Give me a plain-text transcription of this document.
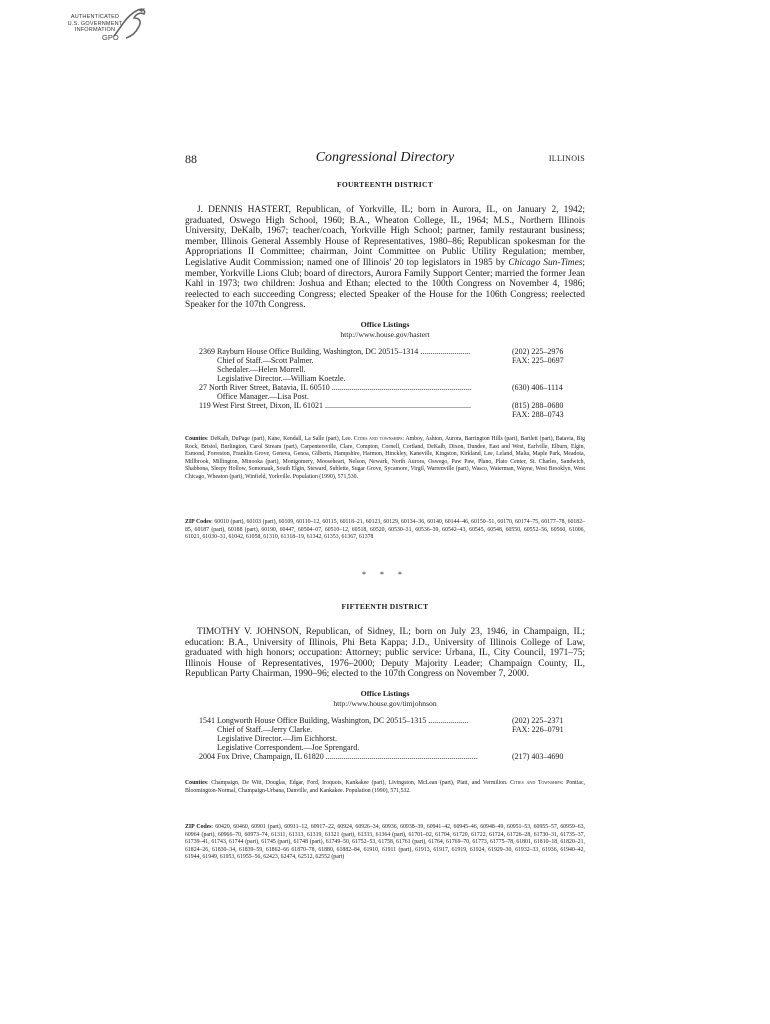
AUTHENTICATED
U.S. GOVERNMENT
INFORMATION
GPO
88	Congressional Directory	ILLINOIS
FOURTEENTH DISTRICT

J. DENNIS HASTERT, Republican, of Yorkville, IL; born in Aurora, IL, on January 2, 1942; graduated, Oswego High School, 1960; B.A., Wheaton College, IL, 1964; M.S., Northern Illinois University, DeKalb, 1967; teacher/coach, Yorkville High School; partner, family restaurant business; member, Illinois General Assembly House of Representatives, 1980–86; Republican spokesman for the Appropriations II Committee; chairman, Joint Committee on Public Utility Regulation; member, Legislative Audit Commission; named one of Illinois' 20 top legislators in 1985 by Chicago Sun-Times; member, Yorkville Lions Club; board of directors, Aurora Family Support Center; married the former Jean Kahl in 1973; two children: Joshua and Ethan; elected to the 100th Congress on November 4, 1986; reelected to each succeeding Congress; elected Speaker of the House for the 106th Congress; reelected Speaker for the 107th Congress.

Office Listings
http://www.house.gov/hastert
2369 Rayburn House Office Building, Washington, DC 20515–1314 .........................	(202) 225–2976
Chief of Staff.—Scott Palmer.	FAX: 225–0697
Schedaler.—Helen Morrell.
Legislative Director.—William Koetzle.
27 North River Street, Batavia, IL 60510 ......................................................................	(630) 406–1114
Office Manager.—Lisa Post.
119 West First Street, Dixon, IL 61021 .........................................................................	(815) 288–0680
FAX: 288–0743

Counties: DeKalb, DuPage (part), Kane, Kendall, La Salle (part), Lee. Cities and townships: Amboy, Ashton, Aurora, Barrington Hills (part), Bartlett (part), Batavia, Big Rock, Bristol, Burlington, Carol Stream (part), Carpentersville, Clare, Compton, Cornell, Cortland, DeKalb, Dixon, Dundee, East and West, Earlville, Elburn, Elgin, Esmond, Forreston, Franklin Grove, Geneva, Genoa, Gilberts, Hampshire, Harmon, Hinckley, Kaneville, Kingston, Kirkland, Lee, Leland, Malta, Maple Park, Meadota, Millbrook, Millington, Minooka (part), Montgomery, Mooseheart, Nelson, Newark, North Aurora, Oswego, Paw Paw, Plano, Plato Center, St. Charles, Sandwich, Shabbona, Sleepy Hollow, Somonauk, South Elgin, Steward, Sublette, Sugar Grove, Sycamore, Virgil, Warrenville (part), Wasco, Waterman, Wayne, West Brooklyn, West Chicago, Wheaton (part), Winfield, Yorkville. Population (1990), 571,530.

ZIP Codes: 60010 (part), 60103 (part), 60109, 60110–12, 60115, 60118–21, 60123, 60129, 60134–36, 60140, 60144–46, 60150–51, 60170, 60174–75, 60177–78, 60182–85, 60187 (part), 60188 (part), 60190, 60447, 60504–07, 60510–12, 60518, 60520, 60530–31, 60536–39, 60542–43, 60545, 60548, 60550, 60552–56, 60560, 61006, 61021, 61030–31, 61042, 61058, 61310, 61318–19, 61342, 61353, 61367, 61378

* * *
FIFTEENTH DISTRICT

TIMOTHY V. JOHNSON, Republican, of Sidney, IL; born on July 23, 1946, in Champaign, IL; education: B.A., University of Illinois, Phi Beta Kappa; J.D., University of Illinois College of Law, graduated with high honors; occupation: Attorney; public service: Urbana, IL, City Council, 1971–75; Illinois House of Representatives, 1976–2000; Deputy Majority Leader; Champaign County, IL, Republican Party Chairman, 1990–96; elected to the 107th Congress on November 7, 2000.

Office Listings
http://www.house.gov/timjohnson
1541 Longworth House Office Building, Washington, DC 20515–1315 ....................	(202) 225–2371
Chief of Staff.—Jerry Clarke.	FAX: 226–0791
Legislative Director.—Jim Eichhorst.
Legislative Correspondent.—Joe Sprengard.
2004 Fox Drive, Champaign, IL 61820 ............................................................................	(217) 403–4690

Counties: Champaign, De Witt, Douglas, Edgar, Ford, Iroquois, Kankakee (part), Livingston, McLean (part), Piatt, and Vermilion. Cities and Townships: Pontiac, Bloomington-Normal, Champaign-Urbana, Danville, and Kankakee. Population (1990), 571,532.

ZIP Codes: 60420, 60460, 60901 (part), 60911–12, 60917–22, 60924, 60926–34, 60936, 60938–39, 60941–42, 60945–46, 60948–49, 60951–53, 60955–57, 60959–63, 60964 (part), 60966–70, 60973–74, 61311, 61313, 61319, 61321 (part), 61333, 61364 (part), 61701–02, 61704, 61720, 61722, 61724, 61726–28, 61730–31, 61735–37, 61739–41, 61743, 61744 (part), 61745 (part), 61748 (part), 61749–50, 61752–53, 61758, 61761 (part), 61764, 61769–70, 61773, 61775–78, 61801, 61810–18, 61820–21, 61824–26, 61830–34, 61839–59, 61862–66 61870–78, 61880, 61882–84, 61910, 61911 (part), 61913, 61917, 61919, 61924, 61929–30, 61932–33, 61936, 61940–42, 61944, 61949, 61953, 61955–56, 62423, 62474, 62512, 62552 (part)
